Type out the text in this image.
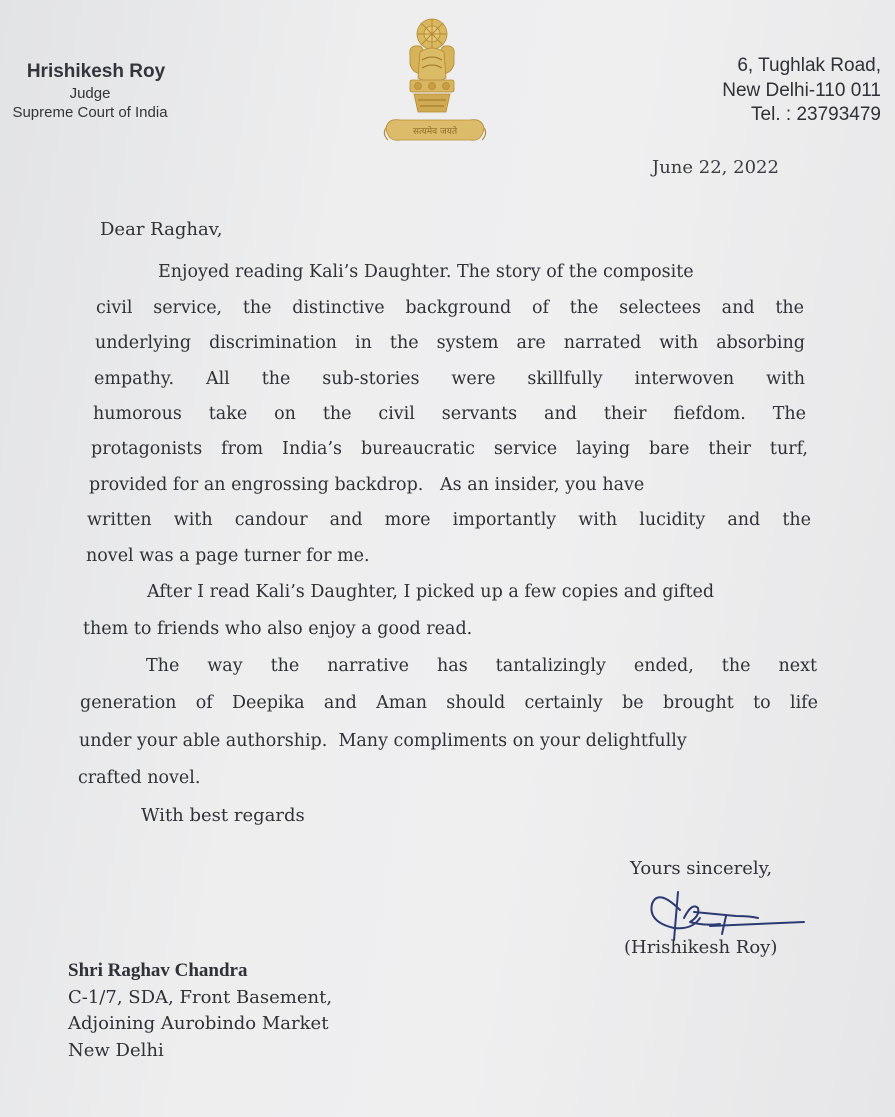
Hrishikesh Roy
Judge
Supreme Court of India
सत्यमेव जयते
6, Tughlak Road,
New Delhi-110 011
Tel. : 23793479
June 22, 2022
Dear Raghav,
Enjoyed reading Kali’s Daughter. The story of the composite
civil service, the distinctive background of the selectees and the
underlying discrimination in the system are narrated with absorbing
empathy. All the sub-stories were skillfully interwoven with
humorous take on the civil servants and their fiefdom. The
protagonists from India’s bureaucratic service laying bare their turf,
provided for an engrossing backdrop.   As an insider, you have
written with candour and more importantly with lucidity and the
novel was a page turner for me.
After I read Kali’s Daughter, I picked up a few copies and gifted
them to friends who also enjoy a good read.
The way the narrative has tantalizingly ended, the next
generation of Deepika and Aman should certainly be brought to life
under your able authorship.  Many compliments on your delightfully
crafted novel.
With best regards
Yours sincerely,
(Hrishikesh Roy)
Shri Raghav Chandra
C-1/7, SDA, Front Basement,
Adjoining Aurobindo Market
New Delhi
